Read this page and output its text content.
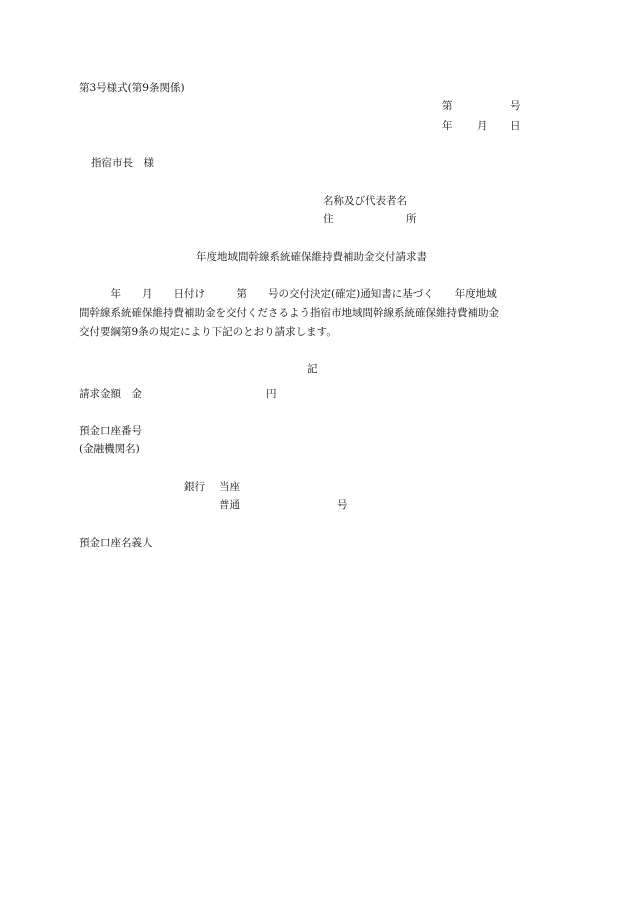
第3号様式(第9条関係)
第	号
年 月 日
指宿市長　様
名称及び代表者名
住	所
年度地域間幹線系統確保維持費補助金交付請求書
　　　年　　月　　日付け　　　第　　号の交付決定(確定)通知書に基づく　　年度地域
間幹線系統確保維持費補助金を交付くださるよう指宿市地域間幹線系統確保維持費補助金
交付要綱第9条の規定により下記のとおり請求します。
記
請求金額　金	円
預金口座番号
(金融機関名)
銀行 当座
普通	号
預金口座名義人
